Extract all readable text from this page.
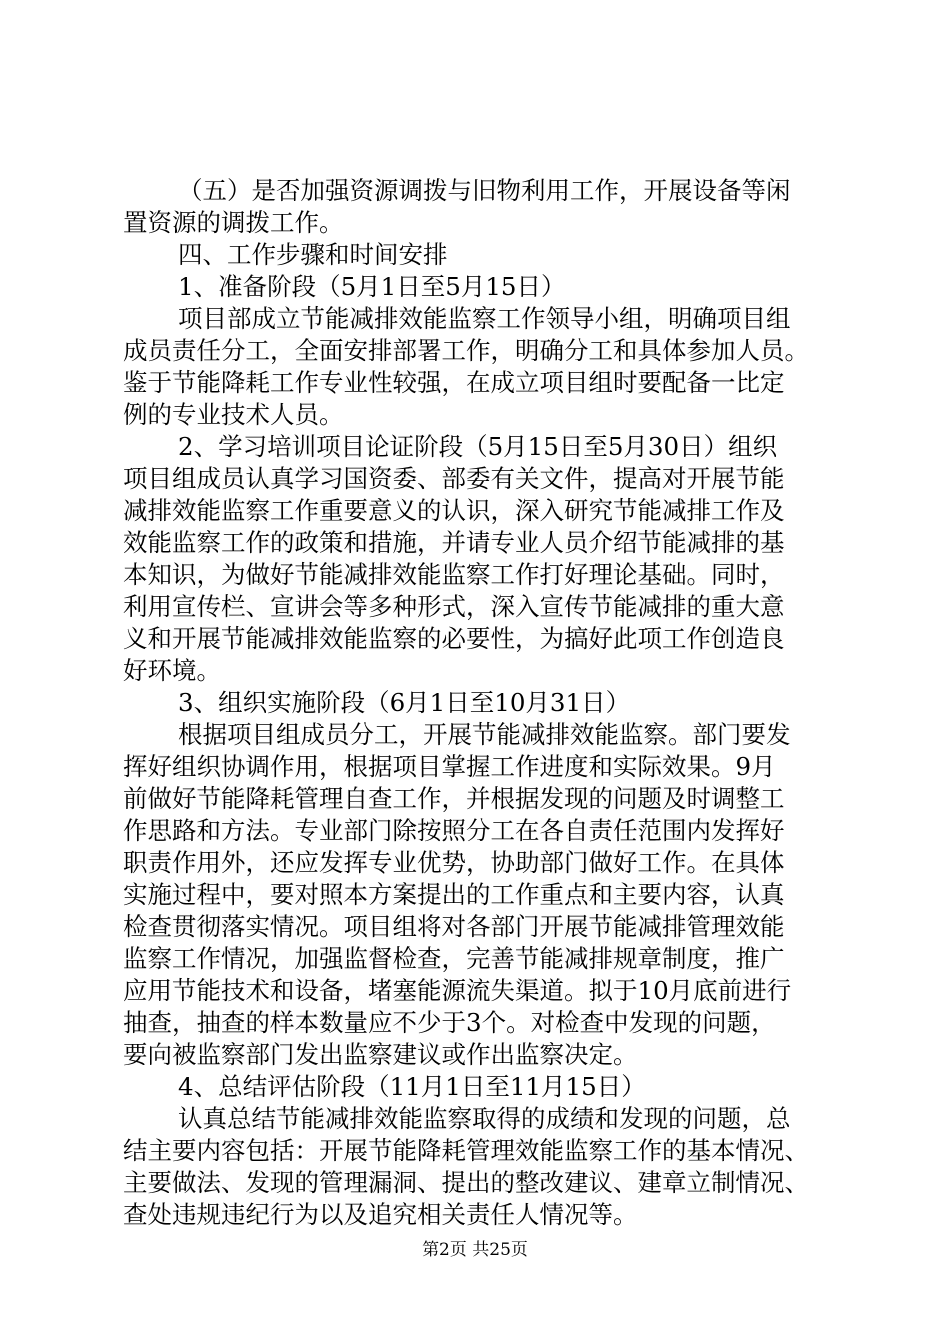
（五）是否加强资源调拨与旧物利用工作，开展设备等闲
置资源的调拨工作。
四、工作步骤和时间安排
1、准备阶段（5月1日至5月15日）
项目部成立节能减排效能监察工作领导小组，明确项目组
成员责任分工，全面安排部署工作，明确分工和具体参加人员。
鉴于节能降耗工作专业性较强，在成立项目组时要配备一比定
例的专业技术人员。
2、学习培训项目论证阶段（5月15日至5月30日）组织
项目组成员认真学习国资委、部委有关文件，提高对开展节能
减排效能监察工作重要意义的认识，深入研究节能减排工作及
效能监察工作的政策和措施，并请专业人员介绍节能减排的基
本知识，为做好节能减排效能监察工作打好理论基础。同时，
利用宣传栏、宣讲会等多种形式，深入宣传节能减排的重大意
义和开展节能减排效能监察的必要性，为搞好此项工作创造良
好环境。
3、组织实施阶段（6月1日至10月31日）
根据项目组成员分工，开展节能减排效能监察。部门要发
挥好组织协调作用，根据项目掌握工作进度和实际效果。9月
前做好节能降耗管理自查工作，并根据发现的问题及时调整工
作思路和方法。专业部门除按照分工在各自责任范围内发挥好
职责作用外，还应发挥专业优势，协助部门做好工作。在具体
实施过程中，要对照本方案提出的工作重点和主要内容，认真
检查贯彻落实情况。项目组将对各部门开展节能减排管理效能
监察工作情况，加强监督检查，完善节能减排规章制度，推广
应用节能技术和设备，堵塞能源流失渠道。拟于10月底前进行
抽查，抽查的样本数量应不少于3个。对检查中发现的问题，
要向被监察部门发出监察建议或作出监察决定。
4、总结评估阶段（11月1日至11月15日）
认真总结节能减排效能监察取得的成绩和发现的问题，总
结主要内容包括：开展节能降耗管理效能监察工作的基本情况、
主要做法、发现的管理漏洞、提出的整改建议、建章立制情况、
查处违规违纪行为以及追究相关责任人情况等。
第2页 共25页
